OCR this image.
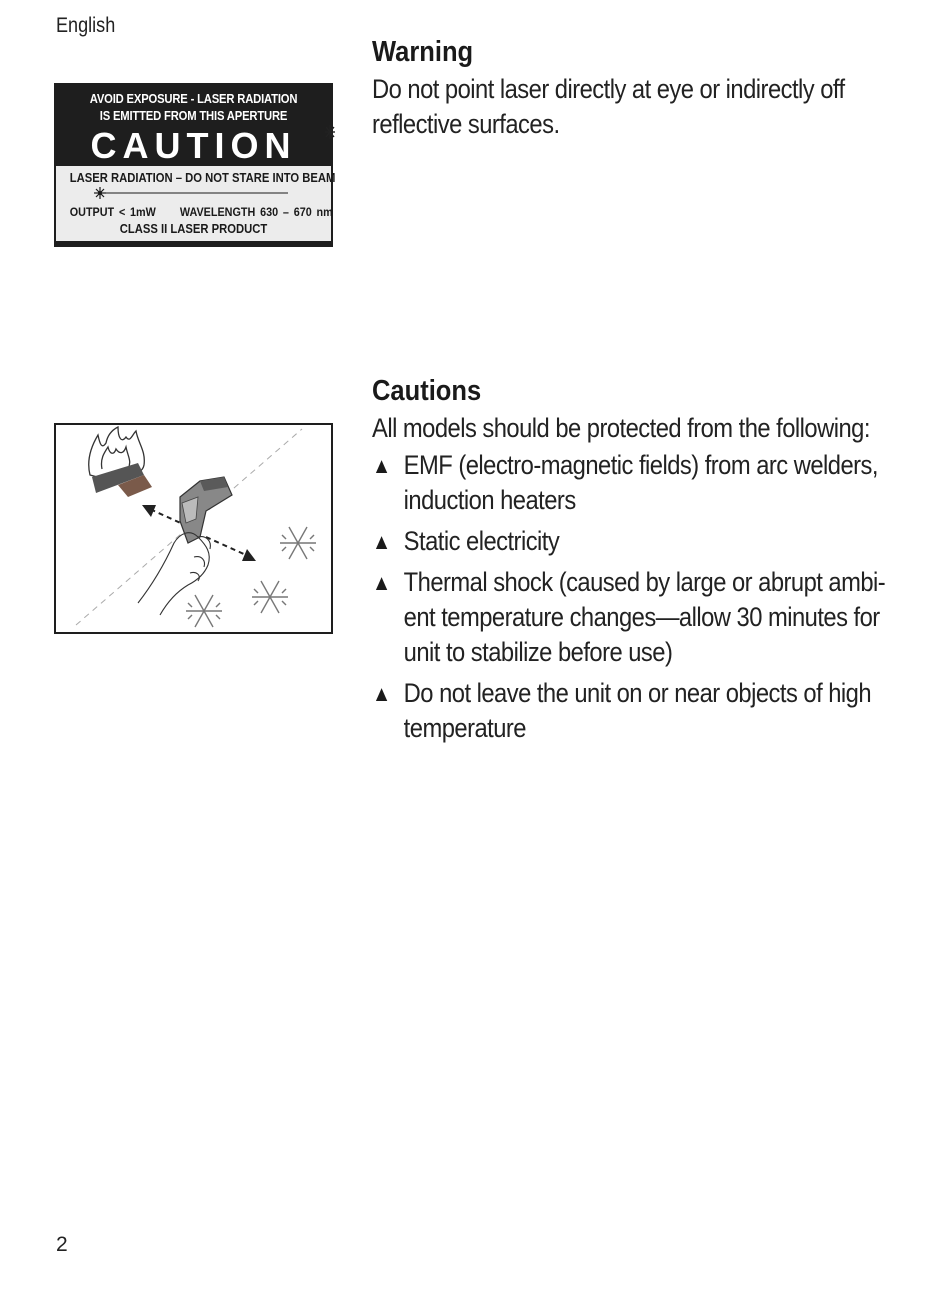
English
AVOID EXPOSURE - LASER RADIATION
IS EMITTED FROM THIS APERTURE
CAUTION
LASER RADIATION – DO NOT STARE INTO BEAM
OUTPUT < 1mW WAVELENGTH 630 – 670 nm
CLASS II LASER PRODUCT
Warning

Do not point laser directly at eye or indirectly off reflective surfaces.

Cautions

All models should be protected from the following:

▲ EMF (electro-magnetic fields) from arc welders,
induction heaters
▲ Static electricity
▲ Thermal shock (caused by large or abrupt ambi-
ent temperature changes—allow 30 minutes for
unit to stabilize before use)
▲ Do not leave the unit on or near objects of high
temperature
2
